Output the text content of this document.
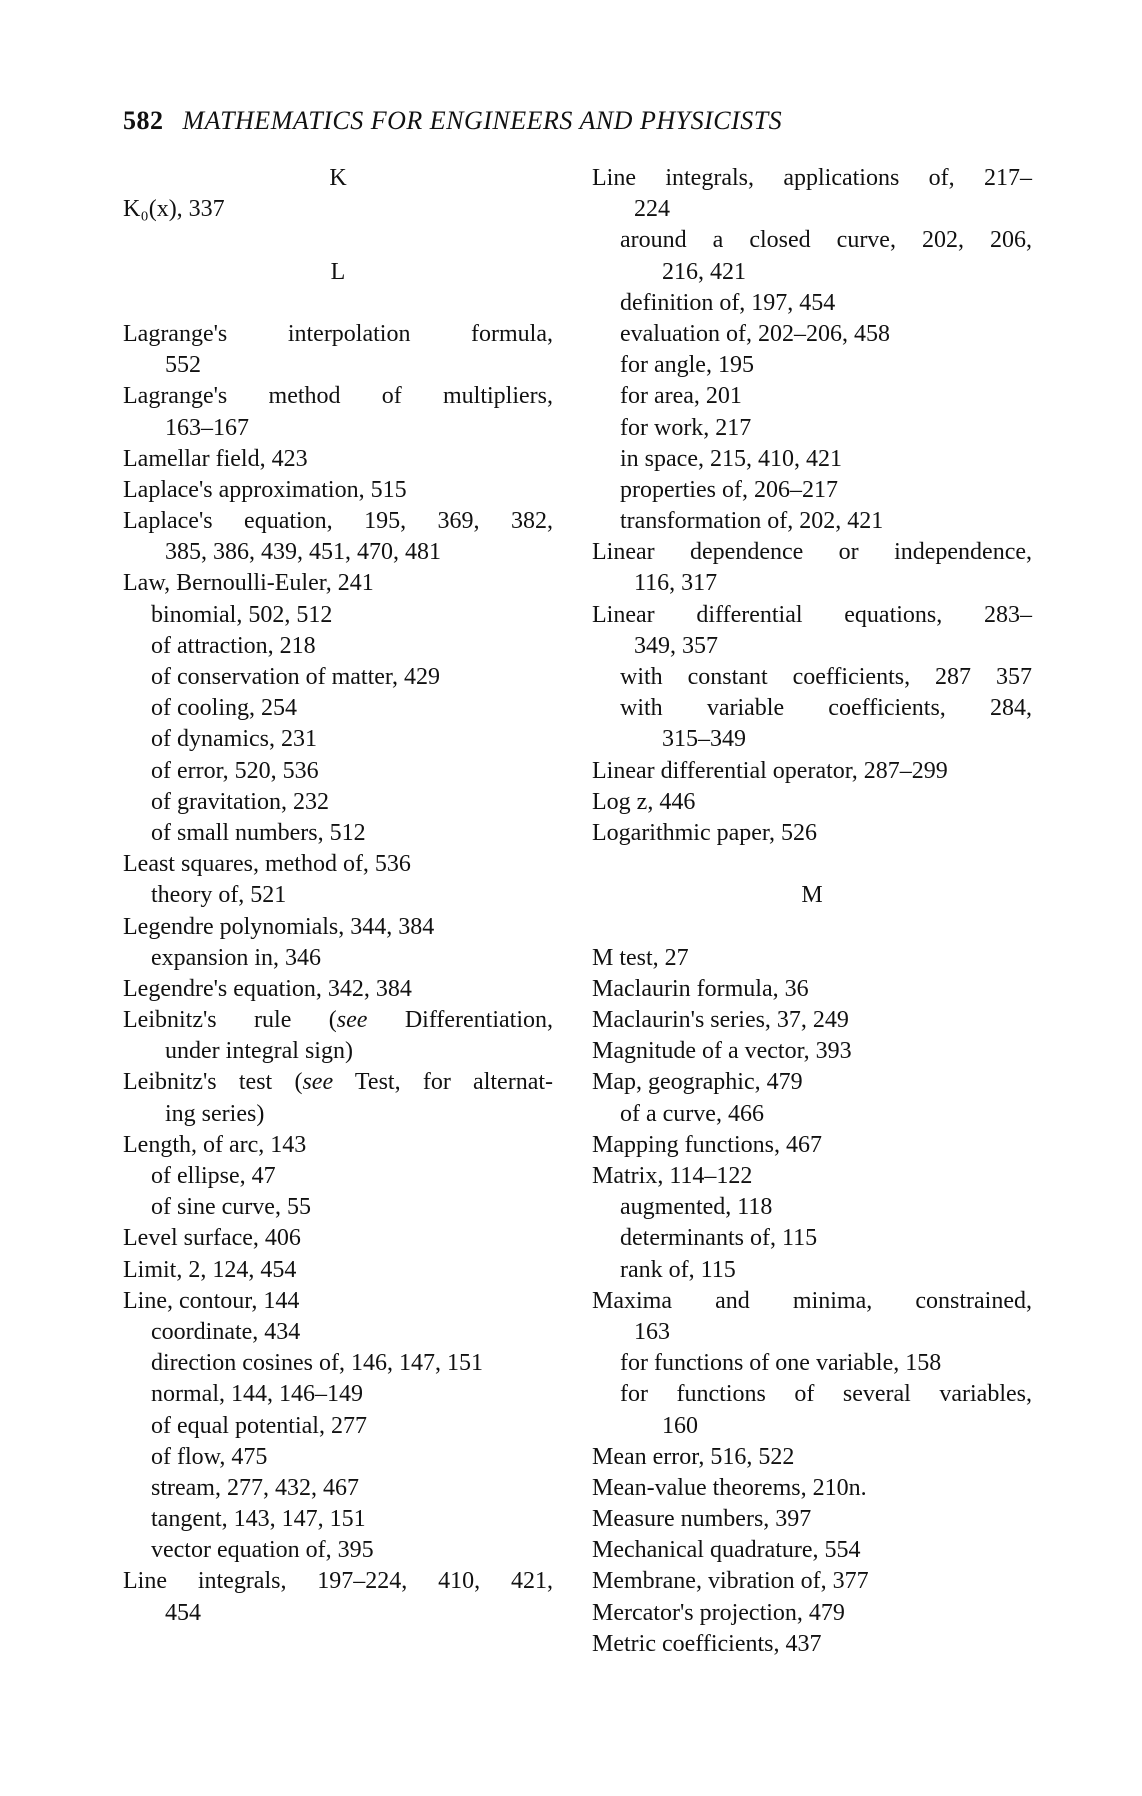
582 MATHEMATICS FOR ENGINEERS AND PHYSICISTS
K
K₀(x), 337
L
Lagrange's interpolation formula,
552
Lagrange's method of multipliers,
163–167
Lamellar field, 423
Laplace's approximation, 515
Laplace's equation, 195, 369, 382,
385, 386, 439, 451, 470, 481
Law, Bernoulli-Euler, 241
binomial, 502, 512
of attraction, 218
of conservation of matter, 429
of cooling, 254
of dynamics, 231
of error, 520, 536
of gravitation, 232
of small numbers, 512
Least squares, method of, 536
theory of, 521
Legendre polynomials, 344, 384
expansion in, 346
Legendre's equation, 342, 384
Leibnitz's rule (see Differentiation,
under integral sign)
Leibnitz's test (see Test, for alternat-
ing series)
Length, of arc, 143
of ellipse, 47
of sine curve, 55
Level surface, 406
Limit, 2, 124, 454
Line, contour, 144
coordinate, 434
direction cosines of, 146, 147, 151
normal, 144, 146–149
of equal potential, 277
of flow, 475
stream, 277, 432, 467
tangent, 143, 147, 151
vector equation of, 395
Line integrals, 197–224, 410, 421,
454
Line integrals, applications of, 217–
224
around a closed curve, 202, 206,
216, 421
definition of, 197, 454
evaluation of, 202–206, 458
for angle, 195
for area, 201
for work, 217
in space, 215, 410, 421
properties of, 206–217
transformation of, 202, 421
Linear dependence or independence,
116, 317
Linear differential equations, 283–
349, 357
with constant coefficients, 287 357
with variable coefficients, 284,
315–349
Linear differential operator, 287–299
Log z, 446
Logarithmic paper, 526
M
M test, 27
Maclaurin formula, 36
Maclaurin's series, 37, 249
Magnitude of a vector, 393
Map, geographic, 479
of a curve, 466
Mapping functions, 467
Matrix, 114–122
augmented, 118
determinants of, 115
rank of, 115
Maxima and minima, constrained,
163
for functions of one variable, 158
for functions of several variables,
160
Mean error, 516, 522
Mean-value theorems, 210n.
Measure numbers, 397
Mechanical quadrature, 554
Membrane, vibration of, 377
Mercator's projection, 479
Metric coefficients, 437
